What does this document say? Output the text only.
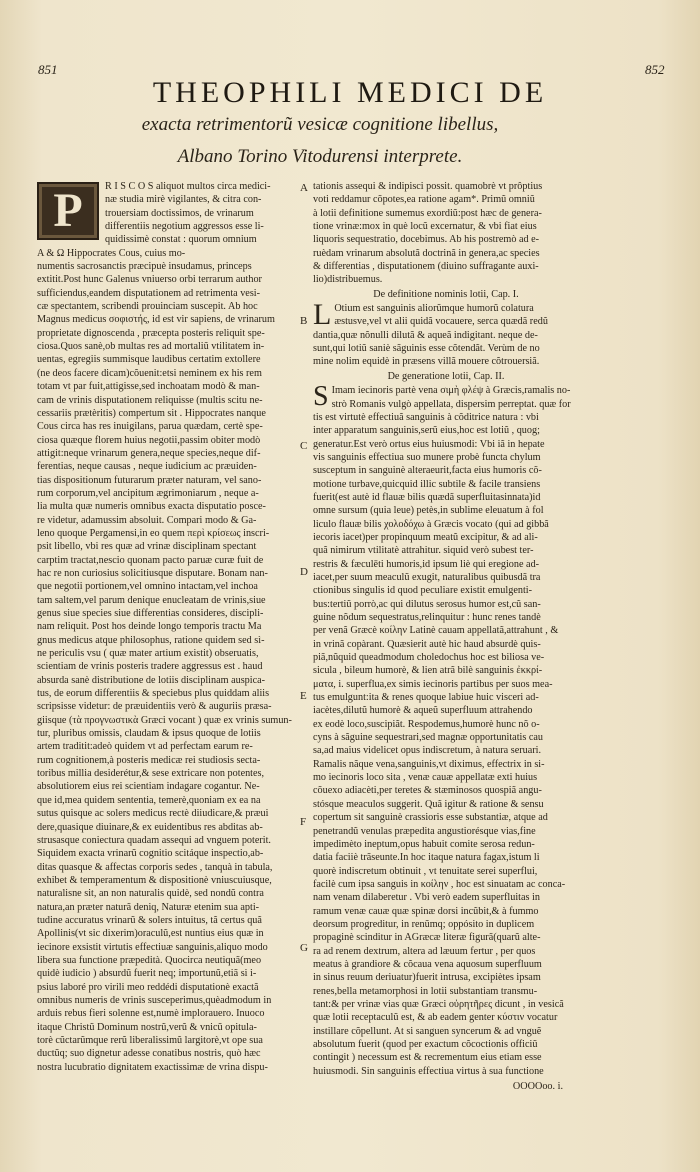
851	852
THEOPHILI MEDICI DE
exacta retrimentorũ vesicæ cognitione libellus,
Albano Torino Vitodurensi interprete.
A
B
C
D
E
F
G
P	R I S C O S aliquot multos circa medici-

næ studia mirè vigilantes, & citra con-

trouersiam doctissimos, de vrinarum

differentiis negotium aggressos esse li-

quidissimè constat : quorum omnium

A & Ω Hippocrates Cous, cuius mo-

numentis sacrosanctis præcipuè insudamus, princeps

extitit.Post hunc Galenus vniuerso orbi terrarum author

sufficiendus,eandem disputationem ad retrimenta vesi-

cæ spectantem, scribendi prouinciam suscepit. Ab hoc

Magnus medicus σοφιστής, id est vir sapiens, de vrinarum

proprietate dignoscenda , præcepta posteris reliquit spe-

ciosa.Quos sanè,ob multas res ad mortaliũ vtilitatem in-

uentas, egregiis summisque laudibus certatim extollere

(ne deos facere dicam)cõuenit:etsi neminem ex his rem

totam vt par fuit,attigisse,sed inchoatam modò & man-

cam de vrinis disputationem reliquisse (multis scitu ne-

cessariis prætèritis) compertum sit . Hippocrates nanque

Cous circa has res inuigilans, parua quædam, certè spe-

ciosa quæque florem huius negotii,passim obiter modò

attigit:neque vrinarum genera,neque species,neque dif-

ferentias, neque causas , neque iudicium ac præuiden-

tias dispositionum futurarum præter naturam, vel sano-

rum corporum,vel ancipitum ægrimoniarum , neque a-

lia multa quæ numeris omnibus exacta disputatio posce-

re videtur, adamussim absoluit. Compari modo & Ga-

leno quoque Pergamensi,in eo quem περὶ κρίσεως inscri-

psit libello, vbi res quæ ad vrinæ disciplinam spectant

carptim tractat,nescio quonam pacto paruæ curæ fuit de

hac re non curiosius solicitiusque disputare. Bonam nan-

que negotii portionem,vel omnino intactam,vel inchoa

tam saltem,vel parum denique enucleatam de vrinis,siue

genus siue species siue differentias consideres, discipli-

nam reliquit. Post hos deinde longo temporis tractu Ma

gnus medicus atque philosophus, ratione quidem sed sì-

ne periculis vsu ( quæ mater artium existit) obseruatis,

scientiam de vrinis posteris tradere aggressus est . haud

absurda sanè distributione de lotiis disciplinam auspica-

tus, de eorum differentiis & speciebus plus quiddam aliis

scripsisse videtur: de præuidentiis verò & auguriis præsa-

giisque (τὰ προγνωστικὰ Græci vocant ) quæ ex vrinis sumun-

tur, pluribus omissis, claudam & ipsus quoque de lotiis

artem traditit:adeò quidem vt ad perfectam earum re-

rum cognitionem,à posteris medicæ rei studiosis secta-

toribus millia desiderétur,& sese extricare non potentes,

absolutiorem eius rei scientiam indagare cogantur. Ne-

que id,mea quidem sententia, temerè,quoniam ex ea na

sutus quisque ac solers medicus rectè diiudicare,& præui

dere,quasique diuinare,& ex euidentibus res abditas ab-

strusasque coniectura quadam assequi ad vnguem poterit.

Siquidem exacta vrinarũ cognitio scitáque inspectio,ab-

ditas quasque & affectas corporis sedes , tanquà in tabula,

exhibet & temperamentum & dispositionè vniuscuiusque,

naturalisne sit, an non naturalis quidè, sed nondũ contra

natura,an præter naturã deniq, Naturæ etenim sua apti-

tudine accuratus vrinarũ & solers intuitus, tã certus quã

Apollinis(vt sic dixerim)oraculũ,est nuntius eius quæ in

iecinore exsistit virtutis effectiuæ sanguinis,aliquo modo

libera sua functione præpedità. Quocirca neutiquã(meo

quidè iudicio ) absurdũ fuerit neq; importunũ,etiã si i-

psius laboré pro virili meo reddédi disputationè exactã

omnibus numeris de vrinis susceperimus,quèadmodum in

arduis rebus fieri solenne est,numè implorauero. Inuoco

itaque Christũ Dominum nostrũ,verũ & vnicũ opitula-

torè cũctarũmque rerũ liberalissimũ largitorè,vt ope sua

ductũq; suo dignetur adesse conatibus nostris, quò hæc

nostra lucubratio dignitatem exactissimæ de vrina dispu-

tationis assequi & indipisci possit. quamobrè vt prôptius

voti reddamur cõpotes,ea ratione agam*. Primũ omniũ

à lotii definitione sumemus exordiũ:post hæc de genera-

tione vrinæ:mox in què locũ excernatur, & vbi fiat eius

liquoris sequestratio, docebimus. Ab his postremò ad e-

ruèdam vrinarum absolutã doctrinã in genera,ac species

& differentias , disputationem (diuino suffragante auxi-

lio)distribuemus.

De definitione nominis lotii, Cap. I.

L Otium est sanguinis aliorũmque humorũ colatura

æstusve,vel vt alii quidã vocauere, serca quædã redũ

dantia,quæ nõnulli dilutã & aqueã indigitant. neque de-

sunt,qui lotiũ saniè sãguinis esse cõtendãt. Verùm de no

mine nolim equidè in præsens villã mouere cõtrouersiã.

De generatione lotii, Cap. II.

S Imam iecinoris partè vena σιμὴ φλέψ à Græcis,ramalis no-

strò Romanis vulgò appellata, dispersim perreptat. quæ for

tis est virtutè effectiuã sanguinis à cõditrice natura : vbi

inter apparatum sanguinis,serũ eius,hoc est lotiũ , quog;

generatur.Est verò ortus eius huiusmodi: Vbi iã in hepate

vis sanguinis effectiua suo munere probè functa chylum

susceptum in sanguinè alteraeurit,facta eius humoris cõ-

motione turbave,quicquid illic subtile & facile transiens

fuerit(est autè id flauæ bilis quædã superfluitasinnata)id

omne sursum (quia leue) petès,in sublime eleuatum à fol

liculo flauæ bilis χολοδόχω à Græcis vocato (qui ad gibbã

iecoris iacet)per propinquum meatũ excipitur, & ad ali-

quã nimirum vtilitatè attrahitur. siquid verò subest ter-

restris & fæculēti humoris,id ipsum liè qui eregione ad-

iacet,per suum meaculũ exugit, naturalibus quibusdã tra

ctionibus singulis id quod peculiare existit emulgenti-

bus:tertiũ porrò,ac qui dilutus serosus humor est,cũ san-

guine nõdum sequestratus,relinquitur : hunc renes tandè

per venã Græcè κοίλην Latinè cauam appellatã,attrahunt , &

in vrinã copàrant. Quæsierit autè hic haud absurdè quis-

piã,nũquid queadmodum choledochus hoc est biliosa ve-

sicula , bileum humorè, & lien atrã bilè sanguinis ἐκκρί-

ματα, i. superflua,ex simis iecinoris partibus per suos mea-

tus emulgunt:ita & renes quoque labiue huic visceri ad-

iacètes,dilutũ humorè & aqueũ superfluum attrahendo

ex eodè loco,suscipiãt. Respodemus,humorè hunc nõ o-

cyns à sãguine sequestrari,sed magnæ opportunitatis cau

sa,ad maius videlicet opus indiscretum, à natura seruari.

Ramalis nãque vena,sanguinis,vt diximus, effectrix in si-

mo iecinoris loco sita , venæ cauæ appellatæ exti huius

cõuexo adiacèti,per teretes & stæminosos quospiã angu-

stósque meaculos suggerit. Quã igitur & ratione & sensu

copertum sit sanguinè crassioris esse substantiæ, atque ad

penetrandũ venulas præpedita angustiorésque vias,fine

impedimèto ineptum,opus habuit comite serosa redun-

datia faciiè trãseunte.In hoc itaque natura fagax,istum li

quorè indiscretum obtinuit , vt tenuitate serei superflui,

facilè cum ipsa sanguis in κοίλην , hoc est sinuatam ac conca-

nam venam dilaberetur . Vbi verò eadem superfluitas in

ramum venæ cauæ quæ spinæ dorsi incũbit,& à fummo

deorsum progreditur, in renũmq; oppósito in duplicem

propaginè scinditur in AGræcæ literæ figurã(quarũ alte-

ra ad renem dextrum, altera ad læuum fertur , per quos

meatus à grandiore & cõcaua vena aquosum superfluum

in sinus reuum deriuatur)fuerit intrusa, excipiètes ipsam

renes,bella metamorphosi in lotii substantiam transmu-

tant:& per vrinæ vias quæ Græci οὐρητῆρες dicunt , in vesicã

quæ lotii receptaculũ est, & ab eadem genter κύστιν vocatur

instillare cõpellunt. At si sanguen syncerum & ad vnguẽ

absolutum fuerit (quod per exactum cõcoctionis officiũ

contingit ) necessum est & recrementum eius etiam esse

huiusmodi. Sin sanguinis effectiua virtus à sua functione

OOOOoo. i.
